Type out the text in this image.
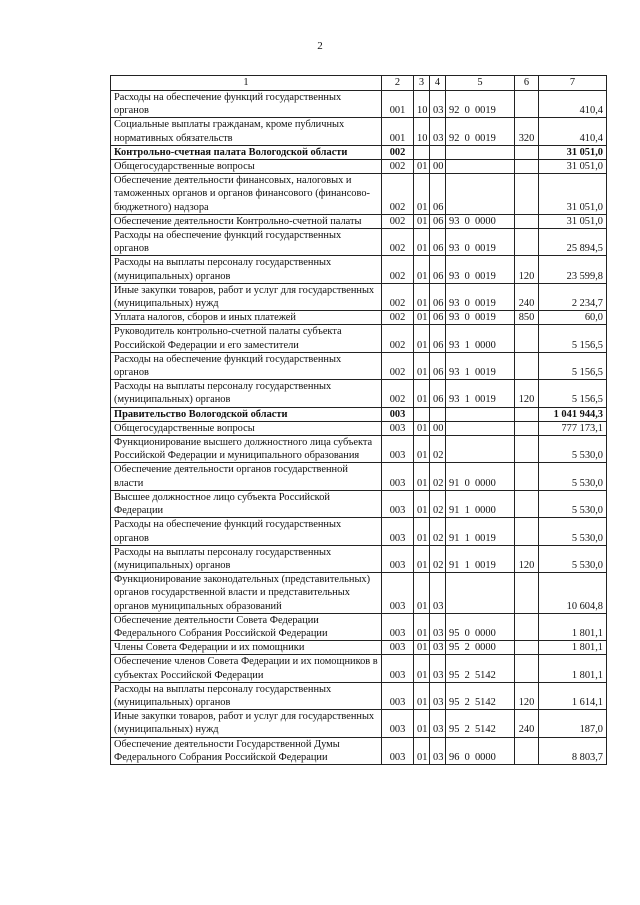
2
1	2	3	4	5	6	7
Расходы на обеспечение функций государственных органов	001	10	03	92  0  0019		410,4
Социальные выплаты гражданам, кроме публичных нормативных обязательств	001	10	03	92  0  0019	320	410,4
Контрольно-счетная палата Вологодской области	002					31 051,0
Общегосударственные вопросы	002	01	00			31 051,0
Обеспечение деятельности финансовых, налоговых и таможенных органов и органов финансового (финансово-бюджетного) надзора	002	01	06			31 051,0
Обеспечение деятельности Контрольно-счетной палаты	002	01	06	93  0  0000		31 051,0
Расходы на обеспечение функций государственных органов	002	01	06	93  0  0019		25 894,5
Расходы на выплаты персоналу государственных (муниципальных) органов	002	01	06	93  0  0019	120	23 599,8
Иные закупки товаров, работ и услуг для государственных (муниципальных) нужд	002	01	06	93  0  0019	240	2 234,7
Уплата налогов, сборов и иных платежей	002	01	06	93  0  0019	850	60,0
Руководитель контрольно-счетной палаты субъекта Российской Федерации и его заместители	002	01	06	93  1  0000		5 156,5
Расходы на обеспечение функций государственных органов	002	01	06	93  1  0019		5 156,5
Расходы на выплаты персоналу государственных (муниципальных) органов	002	01	06	93  1  0019	120	5 156,5
Правительство Вологодской области	003					1 041 944,3
Общегосударственные вопросы	003	01	00			777 173,1
Функционирование высшего должностного лица субъекта Российской Федерации и муниципального образования	003	01	02			5 530,0
Обеспечение деятельности органов государственной власти	003	01	02	91  0  0000		5 530,0
Высшее должностное лицо субъекта Российской Федерации	003	01	02	91  1  0000		5 530,0
Расходы на обеспечение функций государственных органов	003	01	02	91  1  0019		5 530,0
Расходы на выплаты персоналу государственных (муниципальных) органов	003	01	02	91  1  0019	120	5 530,0
Функционирование законодательных (представительных) органов государственной власти и представительных органов муниципальных образований	003	01	03			10 604,8
Обеспечение деятельности Совета Федерации Федерального Собрания Российской Федерации	003	01	03	95  0  0000		1 801,1
Члены Совета Федерации и их помощники	003	01	03	95  2  0000		1 801,1
Обеспечение членов Совета Федерации и их помощников в субъектах Российской Федерации	003	01	03	95  2  5142		1 801,1
Расходы на выплаты персоналу государственных (муниципальных) органов	003	01	03	95  2  5142	120	1 614,1
Иные закупки товаров, работ и услуг для государственных (муниципальных) нужд	003	01	03	95  2  5142	240	187,0
Обеспечение деятельности Государственной Думы Федерального Собрания Российской Федерации	003	01	03	96  0  0000		8 803,7
